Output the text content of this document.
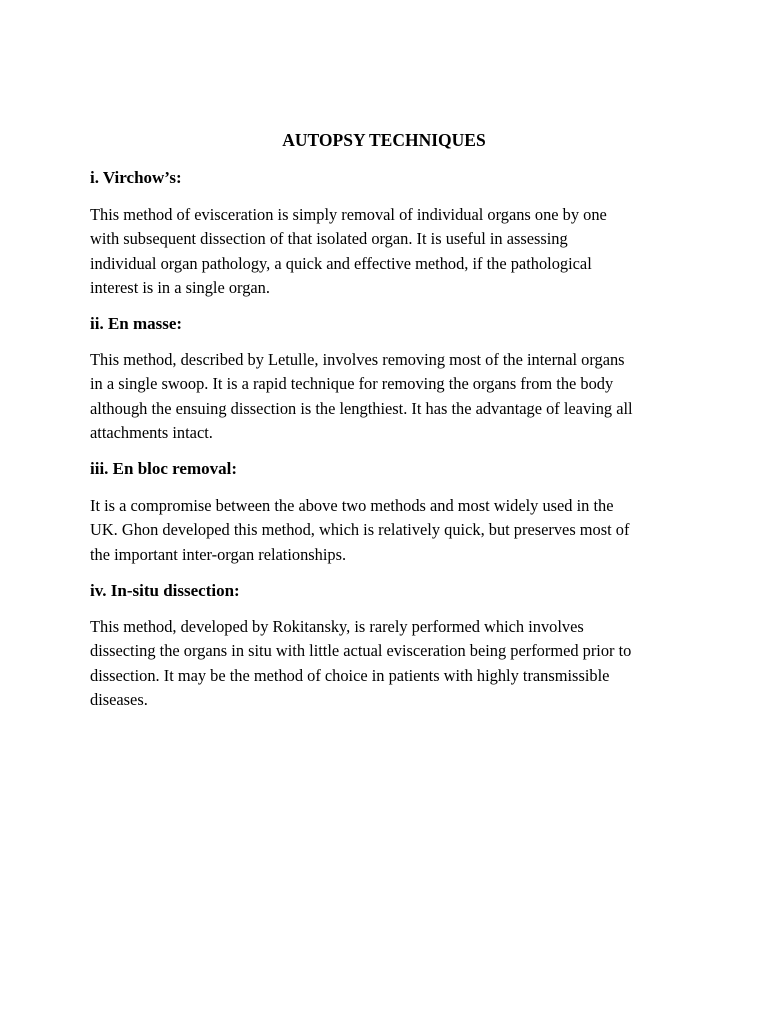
AUTOPSY TECHNIQUES
i. Virchow’s:

This method of evisceration is simply removal of individual organs one by one
with subsequent dissection of that isolated organ. It is useful in assessing
individual organ pathology, a quick and effective method, if the pathological
interest is in a single organ.

ii. En masse:

This method, described by Letulle, involves removing most of the internal organs
in a single swoop. It is a rapid technique for removing the organs from the body
although the ensuing dissection is the lengthiest. It has the advantage of leaving all
attachments intact.

iii. En bloc removal:

It is a compromise between the above two methods and most widely used in the
UK. Ghon developed this method, which is relatively quick, but preserves most of
the important inter-organ relationships.

iv. In-situ dissection:

This method, developed by Rokitansky, is rarely performed which involves
dissecting the organs in situ with little actual evisceration being performed prior to
dissection. It may be the method of choice in patients with highly transmissible
diseases.
